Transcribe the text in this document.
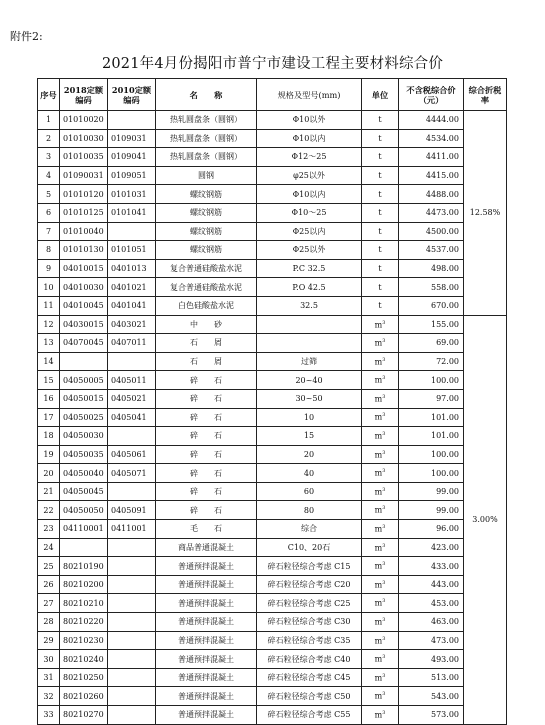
附件2:
2021年4月份揭阳市普宁市建设工程主要材料综合价
序号	2018定额编码	2010定额编码	名　　称	规格及型号(mm)	单位	不含税综合价（元）	综合折税率
1	01010020		热轧圆盘条（圆钢）	Φ10以外	t	4444.00	12.58%
2	01010030	0109031	热轧圆盘条（圆钢）	Φ10以内	t	4534.00	
3	01010035	0109041	热轧圆盘条（圆钢）	Φ12～25	t	4411.00	
4	01090031	0109051	圆钢	φ25以外	t	4415.00	
5	01010120	0101031	螺纹钢筋	Φ10以内	t	4488.00	
6	01010125	0101041	螺纹钢筋	Φ10～25	t	4473.00	
7	01010040		螺纹钢筋	Φ25以内	t	4500.00	
8	01010130	0101051	螺纹钢筋	Φ25以外	t	4537.00	
9	04010015	0401013	复合普通硅酸盐水泥	P.C 32.5	t	498.00	
10	04010030	0401021	复合普通硅酸盐水泥	P.O 42.5	t	558.00	
11	04010045	0401041	白色硅酸盐水泥	32.5	t	670.00	
12	04030015	0403021	中　　砂		$m^3$	155.00	3.00%
13	04070045	0407011	石　　屑		$m^3$	69.00	
14			石　　屑	过筛	$m^3$	72.00	
15	04050005	0405011	碎　　石	20~40	$m^3$	100.00	
16	04050015	0405021	碎　　石	30~50	$m^3$	97.00	
17	04050025	0405041	碎　　石	10	$m^3$	101.00	
18	04050030		碎　　石	15	$m^3$	101.00	
19	04050035	0405061	碎　　石	20	$m^3$	100.00	
20	04050040	0405071	碎　　石	40	$m^3$	100.00	
21	04050045		碎　　石	60	$m^3$	99.00	
22	04050050	0405091	碎　　石	80	$m^3$	99.00	
23	04110001	0411001	毛　　石	综合	$m^3$	96.00	
24			商品普通混凝土	C10、20石	$m^3$	423.00	
25	80210190		普通预拌混凝土	碎石粒径综合考虑 C15	$m^3$	433.00	
26	80210200		普通预拌混凝土	碎石粒径综合考虑 C20	$m^3$	443.00	
27	80210210		普通预拌混凝土	碎石粒径综合考虑 C25	$m^3$	453.00	
28	80210220		普通预拌混凝土	碎石粒径综合考虑 C30	$m^3$	463.00	
29	80210230		普通预拌混凝土	碎石粒径综合考虑 C35	$m^3$	473.00	
30	80210240		普通预拌混凝土	碎石粒径综合考虑 C40	$m^3$	493.00	
31	80210250		普通预拌混凝土	碎石粒径综合考虑 C45	$m^3$	513.00	
32	80210260		普通预拌混凝土	碎石粒径综合考虑 C50	$m^3$	543.00	
33	80210270		普通预拌混凝土	碎石粒径综合考虑 C55	$m^3$	573.00	
